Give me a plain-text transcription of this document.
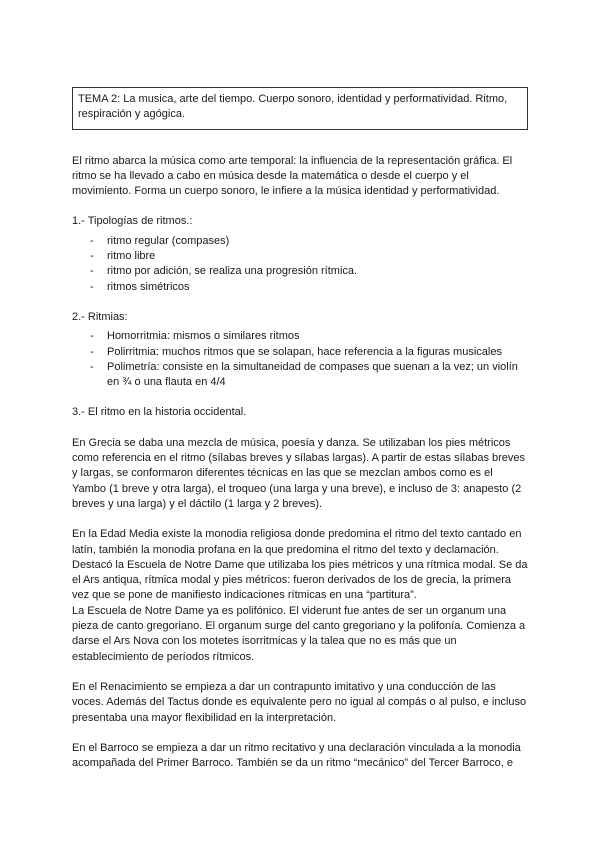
TEMA 2: La musica, arte del tiempo. Cuerpo sonoro, identidad y performatividad. Ritmo, respiración y agógica.

El ritmo abarca la música como arte temporal: la influencia de la representación gráfica. El ritmo se ha llevado a cabo en música desde la matemática o desde el cuerpo y el movimiento. Forma un cuerpo sonoro, le infiere a la música identidad y performatividad.

1.- Tipologías de ritmos.:
- ritmo regular (compases)
- ritmo libre
- ritmo por adición, se realiza una progresión rítmica.
- ritmos simétricos
2.- Ritmias:
- Homorritmia: mismos o similares ritmos
- Polirritmia: muchos ritmos que se solapan, hace referencia a la figuras musicales
- Polimetría: consiste en la simultaneidad de compases que suenan a la vez; un violín en ¾ o una flauta en 4/4

3.- El ritmo en la historia occidental.

En Grecia se daba una mezcla de música, poesía y danza. Se utilizaban los pies métricos como referencia en el ritmo (sílabas breves y sílabas largas). A partir de estas sílabas breves y largas, se conformaron diferentes técnicas en las que se mezclan ambos como es el Yambo (1 breve y otra larga), el troqueo (una larga y una breve), e incluso de 3: anapesto (2 breves y una larga) y el dáctilo (1 larga y 2 breves).

En la Edad Media existe la monodia religiosa donde predomina el ritmo del texto cantado en latín, también la monodia profana en la que predomina el ritmo del texto y declamación. Destacó la Escuela de Notre Dame que utilizaba los pies métricos y una rítmica modal. Se da el Ars antiqua, rítmica modal y pies métricos: fueron derivados de los de grecia, la primera vez que se pone de manifiesto indicaciones rítmicas en una “partitura”.

La Escuela de Notre Dame ya es polifónico. El viderunt fue antes de ser un organum una pieza de canto gregoriano. El organum surge del canto gregoriano y la polifonía. Comienza a darse el Ars Nova con los motetes isorritmicas y la talea que no es más que un establecimiento de períodos rítmicos.

En el Renacimiento se empieza a dar un contrapunto imitativo y una conducción de las voces. Además del Tactus donde es equivalente pero no igual al compás o al pulso, e incluso presentaba una mayor flexibilidad en la interpretación.

En el Barroco se empieza a dar un ritmo recitativo y una declaración vinculada a la monodia acompañada del Primer Barroco. También se da un ritmo “mecánico” del Tercer Barroco, e
